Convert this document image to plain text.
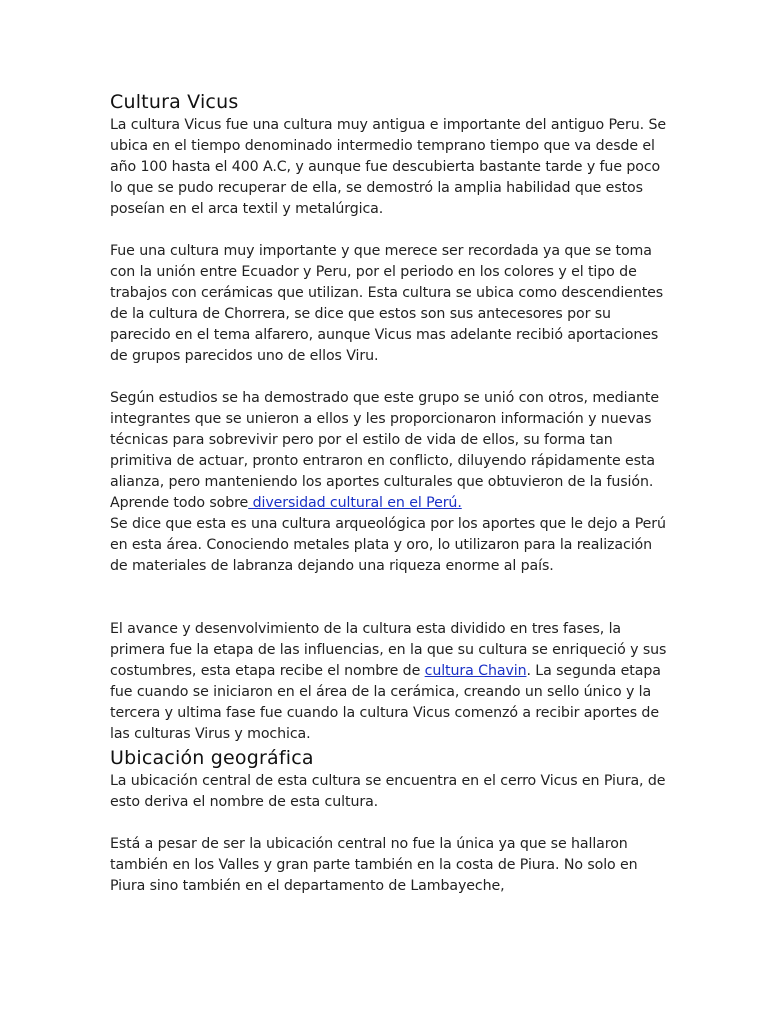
Cultura Vicus

La cultura Vicus fue una cultura muy antigua e importante del antiguo Peru. Se ubica en el tiempo denominado intermedio temprano tiempo que va desde el año 100 hasta el 400 A.C, y aunque fue descubierta bastante tarde y fue poco lo que se pudo recuperar de ella, se demostró la amplia habilidad que estos poseían en el arca textil y metalúrgica.

Fue una cultura muy importante y que merece ser recordada ya que se toma con la unión entre Ecuador y Peru, por el periodo en los colores y el tipo de trabajos con cerámicas que utilizan. Esta cultura se ubica como descendientes de la cultura de Chorrera, se dice que estos son sus antecesores por su parecido en el tema alfarero, aunque Vicus mas adelante recibió aportaciones de grupos parecidos uno de ellos Viru.

Según estudios se ha demostrado que este grupo se unió con otros, mediante integrantes que se unieron a ellos y les proporcionaron información y nuevas técnicas para sobrevivir pero por el estilo de vida de ellos, su forma tan primitiva de actuar, pronto entraron en conflicto, diluyendo rápidamente esta alianza, pero manteniendo los aportes culturales que obtuvieron de la fusión. Aprende todo sobre diversidad cultural en el Perú.

Se dice que esta es una cultura arqueológica por los aportes que le dejo a Perú en esta área. Conociendo metales plata y oro, lo utilizaron para la realización de materiales de labranza dejando una riqueza enorme al país.

El avance y desenvolvimiento de la cultura esta dividido en tres fases, la primera fue la etapa de las influencias, en la que su cultura se enriqueció y sus costumbres, esta etapa recibe el nombre de cultura Chavin. La segunda etapa fue cuando se iniciaron en el área de la cerámica, creando un sello único y la tercera y ultima fase fue cuando la cultura Vicus comenzó a recibir aportes de las culturas Virus y mochica.

Ubicación geográfica

La ubicación central de esta cultura se encuentra en el cerro Vicus en Piura, de esto deriva el nombre de esta cultura.

Está a pesar de ser la ubicación central no fue la única ya que se hallaron también en los Valles y gran parte también en la costa de Piura. No solo en Piura sino también en el departamento de Lambayeche,
